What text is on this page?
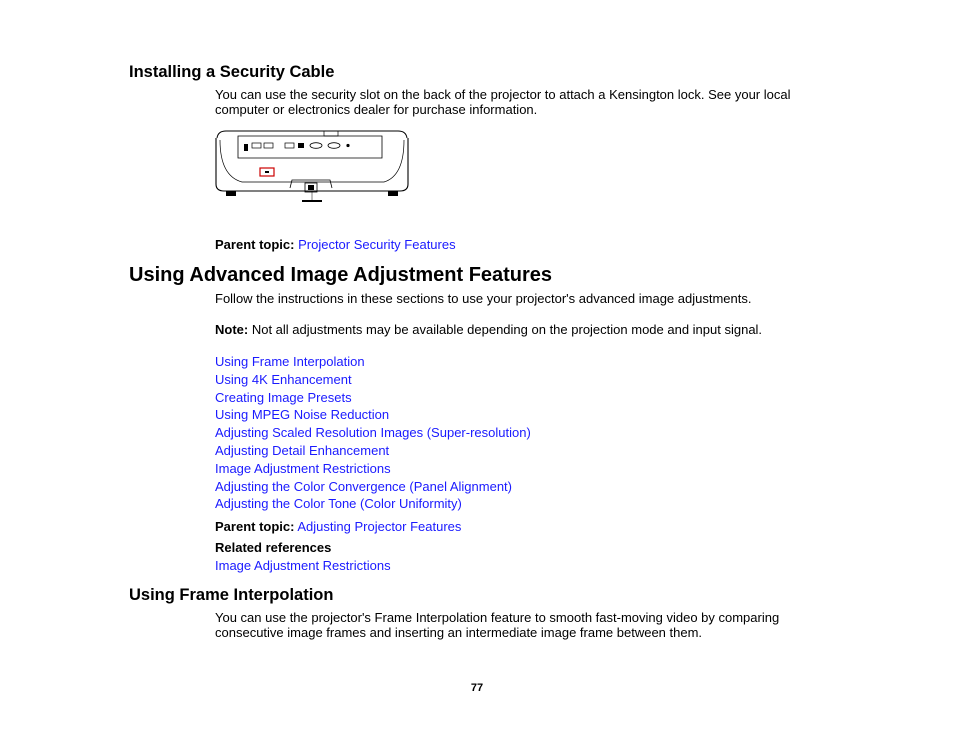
Installing a Security Cable
You can use the security slot on the back of the projector to attach a Kensington lock. See your local
computer or electronics dealer for purchase information.
Parent topic: Projector Security Features
Using Advanced Image Adjustment Features
Follow the instructions in these sections to use your projector's advanced image adjustments.
Note: Not all adjustments may be available depending on the projection mode and input signal.
Using Frame Interpolation
Using 4K Enhancement
Creating Image Presets
Using MPEG Noise Reduction
Adjusting Scaled Resolution Images (Super-resolution)
Adjusting Detail Enhancement
Image Adjustment Restrictions
Adjusting the Color Convergence (Panel Alignment)
Adjusting the Color Tone (Color Uniformity)
Parent topic: Adjusting Projector Features
Related references
Image Adjustment Restrictions
Using Frame Interpolation
You can use the projector's Frame Interpolation feature to smooth fast-moving video by comparing
consecutive image frames and inserting an intermediate image frame between them.
77
